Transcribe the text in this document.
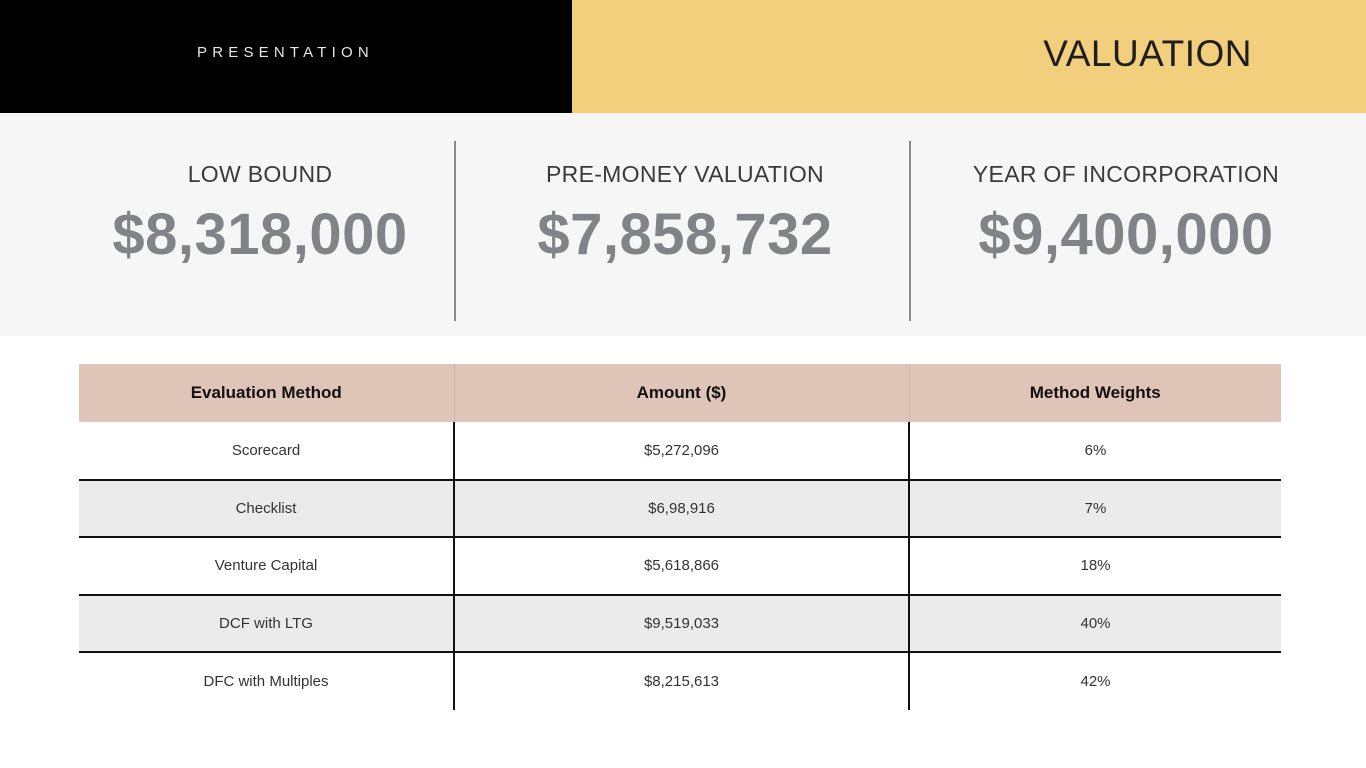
PRESENTATION	VALUATION
LOW BOUND
$8,318,000
PRE-MONEY VALUATION
$7,858,732
YEAR OF INCORPORATION
$9,400,000
Evaluation Method	Amount ($)	Method Weights
Scorecard	$5,272,096	6%
Checklist	$6,98,916	7%
Venture Capital	$5,618,866	18%
DCF with LTG	$9,519,033	40%
DFC with Multiples	$8,215,613	42%
